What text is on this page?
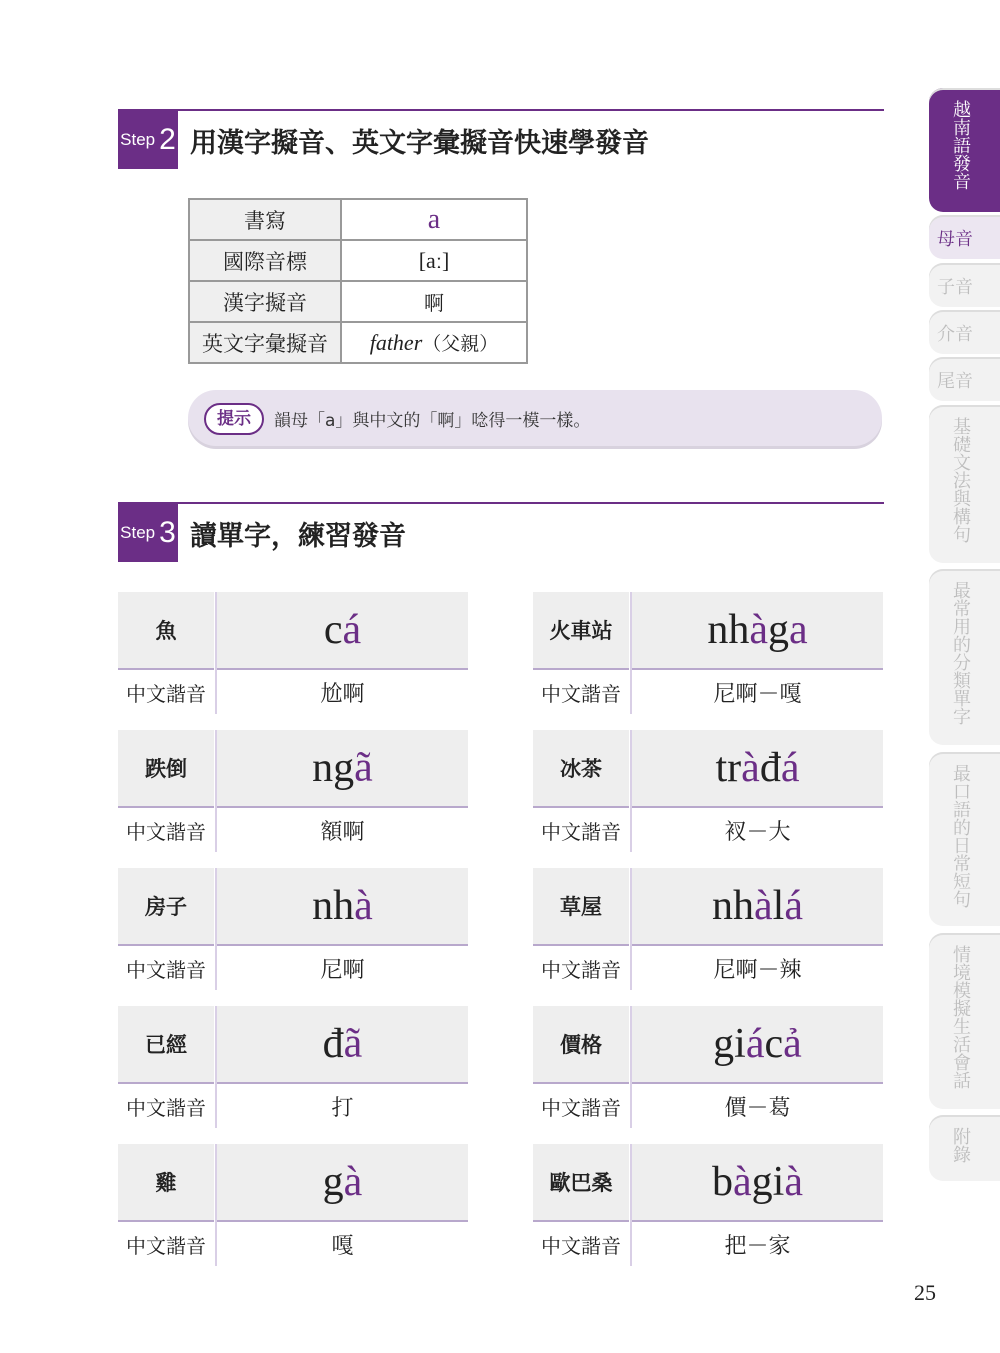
Step 2 用漢字擬音、英文字彙擬音快速學發音
書寫	a
國際音標	[aː]
漢字擬音	啊
英文字彙擬音	father（父親）
提示	韻母「a」與中文的「啊」唸得一模一樣。
Step 3 讀單字，練習發音
魚	c á
中文諧音	尬啊
火車站	n h à g a
中文諧音	尼啊－嘎
跌倒	n g ã
中文諧音	額啊
冰茶	t r à đ á
中文諧音	衩－大
房子	n h à
中文諧音	尼啊
草屋	n h à l á
中文諧音	尼啊－辣
已經	đ ã
中文諧音	打
價格	g i á c ả
中文諧音	價－葛
雞	g à
中文諧音	嘎
歐巴桑	b à g i à
中文諧音	把－家
越南語發音
母音
子音
介音
尾音
基礎文法與構句
最常用的分類單字
最口語的日常短句
情境模擬生活會話
附錄
25
